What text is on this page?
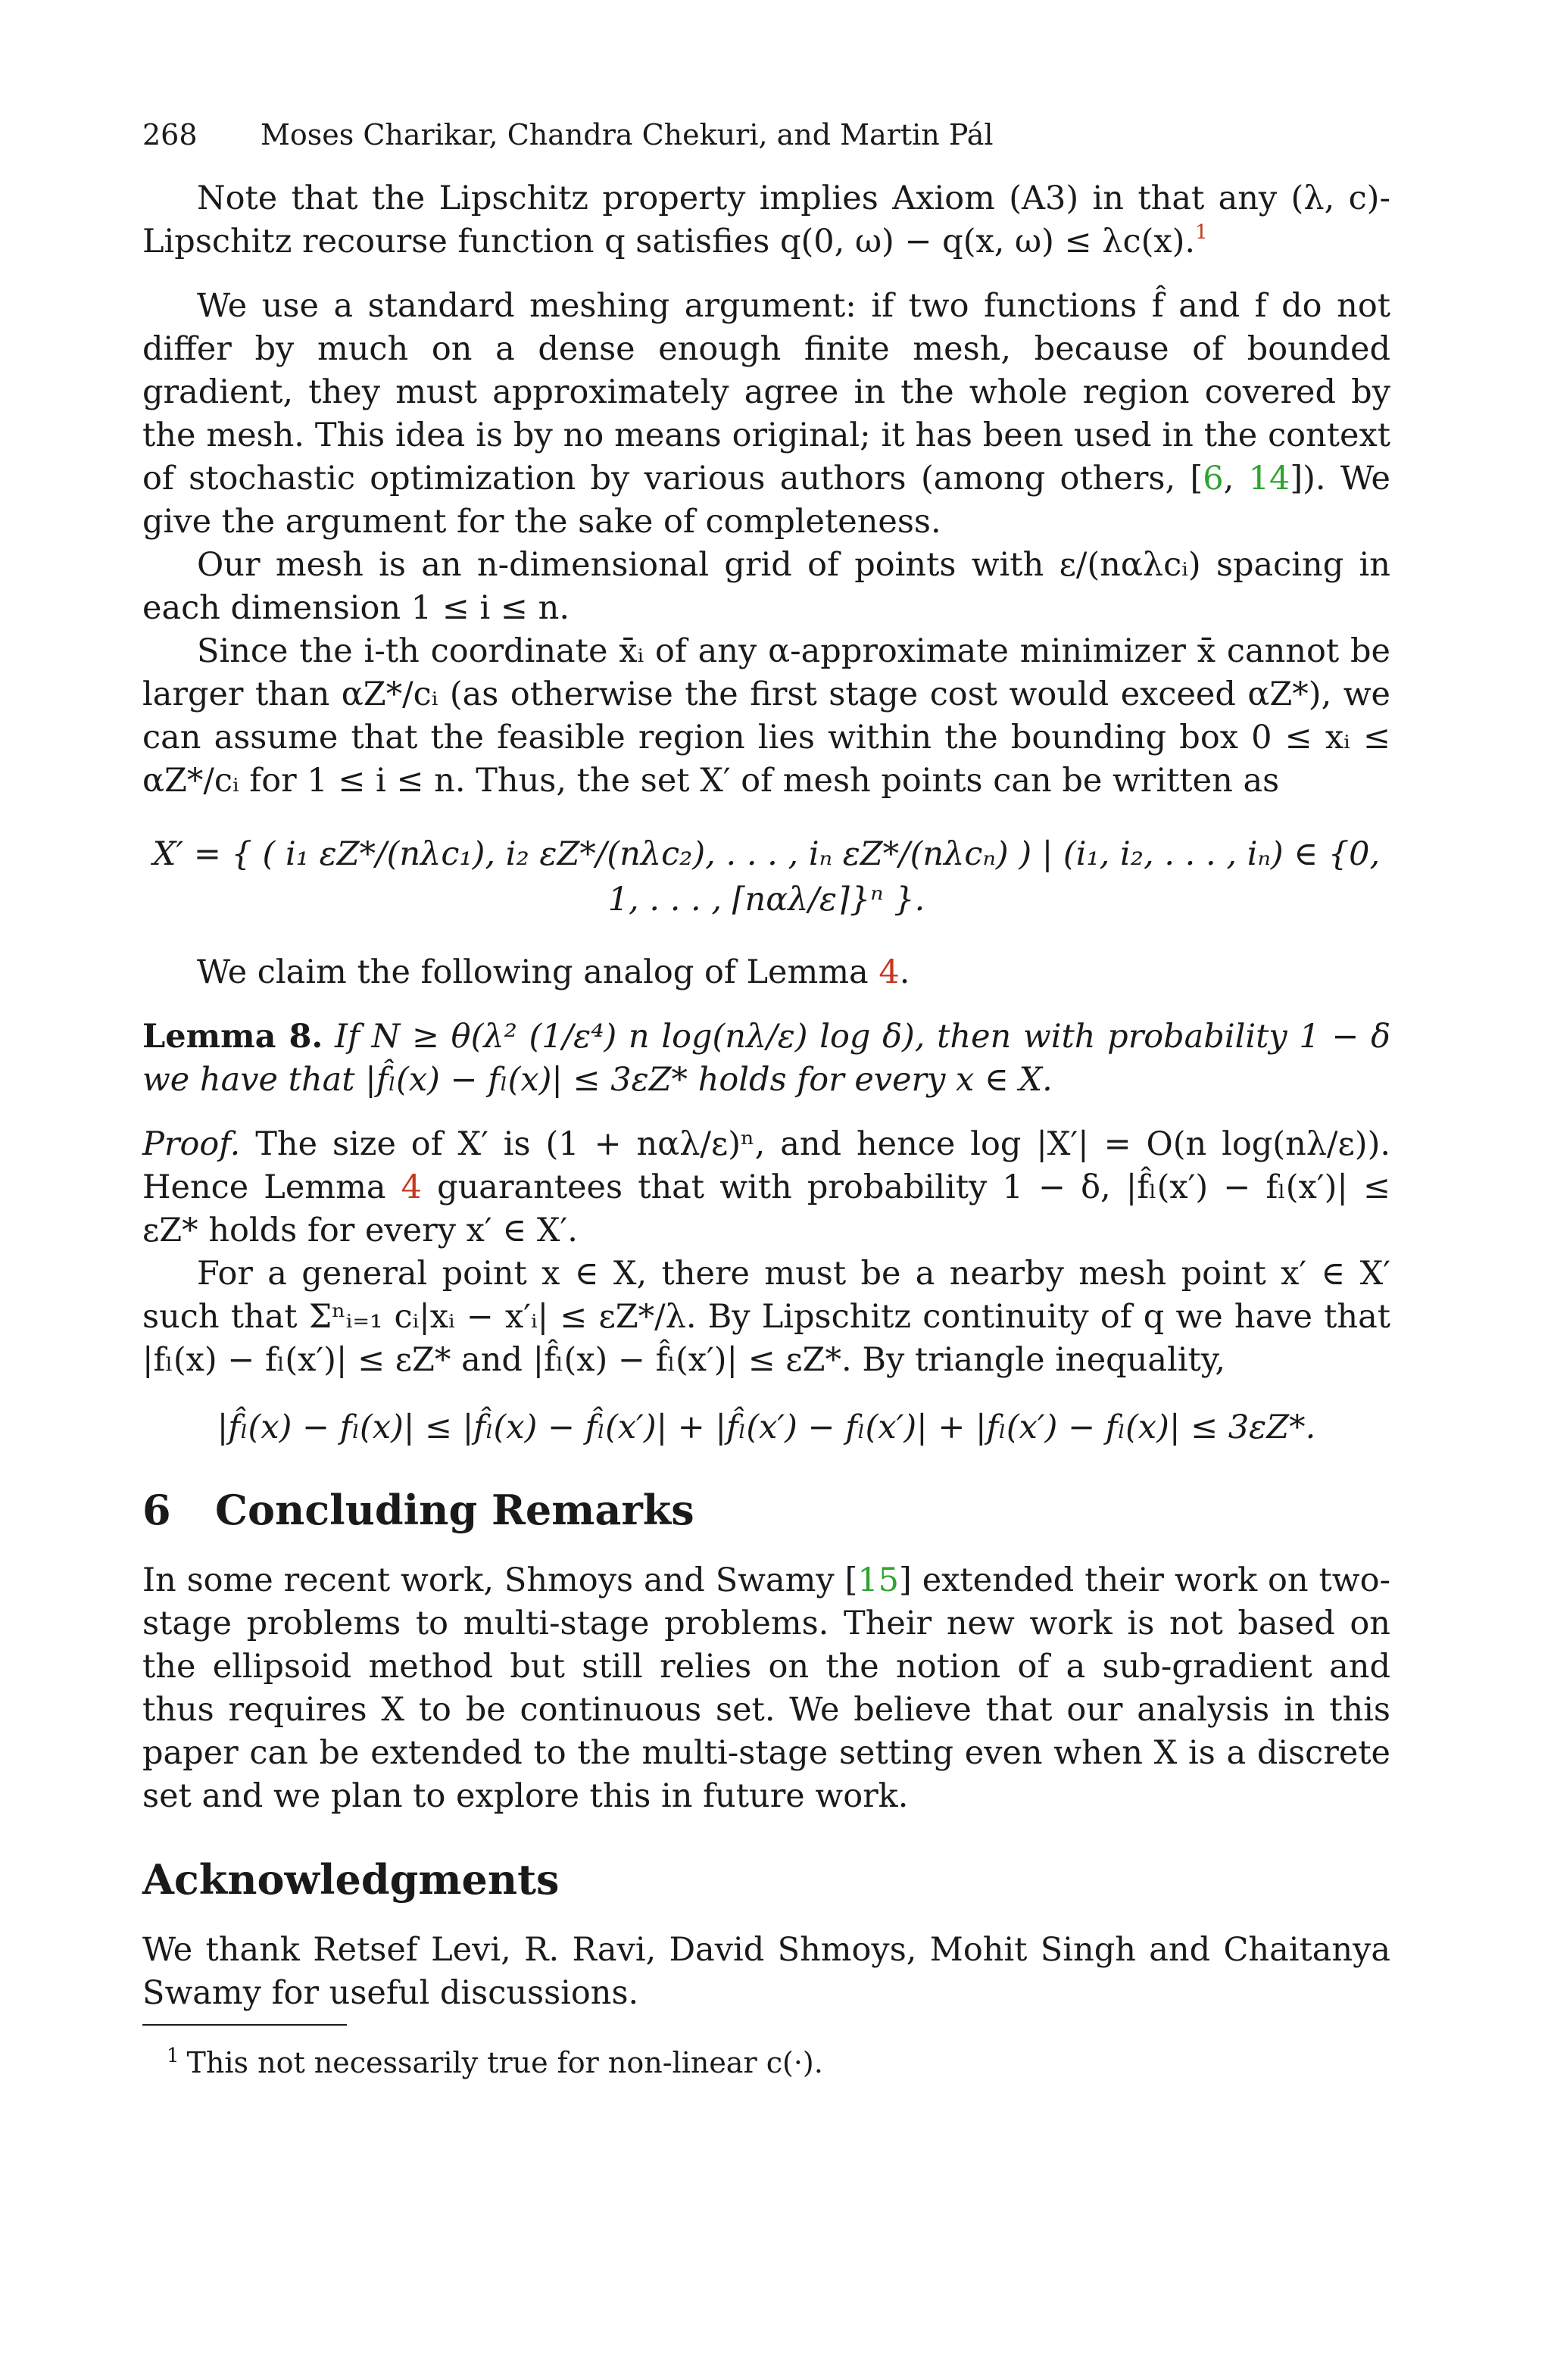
268 Moses Charikar, Chandra Chekuri, and Martin Pál

Note that the Lipschitz property implies Axiom (A3) in that any (λ, c)-Lipschitz recourse function q satisfies q(0, ω) − q(x, ω) ≤ λc(x).$^1$

We use a standard meshing argument: if two functions f̂ and f do not differ by much on a dense enough finite mesh, because of bounded gradient, they must approximately agree in the whole region covered by the mesh. This idea is by no means original; it has been used in the context of stochastic optimization by various authors (among others, [6, 14]). We give the argument for the sake of completeness.

Our mesh is an n-dimensional grid of points with ε/(nαλcᵢ) spacing in each dimension 1 ≤ i ≤ n.

Since the i-th coordinate x̄ᵢ of any α-approximate minimizer x̄ cannot be larger than αZ*/cᵢ (as otherwise the first stage cost would exceed αZ*), we can assume that the feasible region lies within the bounding box 0 ≤ xᵢ ≤ αZ*/cᵢ for 1 ≤ i ≤ n. Thus, the set X′ of mesh points can be written as

X′ = { ( i₁ εZ*/(nλc₁), i₂ εZ*/(nλc₂), . . . , iₙ εZ*/(nλcₙ) ) | (i₁, i₂, . . . , iₙ) ∈ {0, 1, . . . , ⌈nαλ/ε⌉}ⁿ }.

We claim the following analog of Lemma 4.

Lemma 8. If N ≥ θ(λ² (1/ε⁴) n log(nλ/ε) log δ), then with probability 1 − δ we have that |f̂ₗ(x) − fₗ(x)| ≤ 3εZ* holds for every x ∈ X.

Proof. The size of X′ is (1 + nαλ/ε)ⁿ, and hence log |X′| = O(n log(nλ/ε)). Hence Lemma 4 guarantees that with probability 1 − δ, |f̂ₗ(x′) − fₗ(x′)| ≤ εZ* holds for every x′ ∈ X′.

For a general point x ∈ X, there must be a nearby mesh point x′ ∈ X′ such that Σⁿᵢ₌₁ cᵢ|xᵢ − x′ᵢ| ≤ εZ*/λ. By Lipschitz continuity of q we have that |fₗ(x) − fₗ(x′)| ≤ εZ* and |f̂ₗ(x) − f̂ₗ(x′)| ≤ εZ*. By triangle inequality,

|f̂ₗ(x) − fₗ(x)| ≤ |f̂ₗ(x) − f̂ₗ(x′)| + |f̂ₗ(x′) − fₗ(x′)| + |fₗ(x′) − fₗ(x)| ≤ 3εZ*.
6 Concluding Remarks

In some recent work, Shmoys and Swamy [15] extended their work on two-stage problems to multi-stage problems. Their new work is not based on the ellipsoid method but still relies on the notion of a sub-gradient and thus requires X to be continuous set. We believe that our analysis in this paper can be extended to the multi-stage setting even when X is a discrete set and we plan to explore this in future work.

Acknowledgments

We thank Retsef Levi, R. Ravi, David Shmoys, Mohit Singh and Chaitanya Swamy for useful discussions.

$^1$ This not necessarily true for non-linear c(·).
